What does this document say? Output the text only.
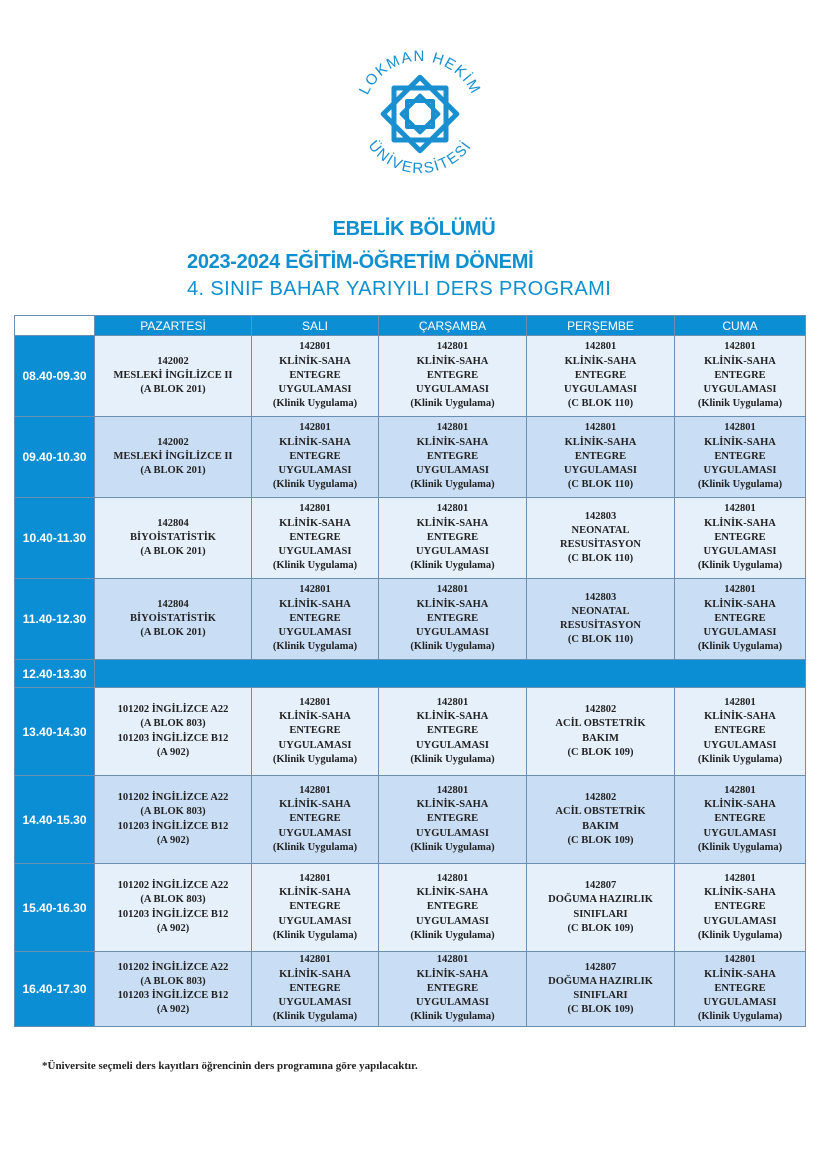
LOKMAN HEKİM
ÜNİVERSİTESİ
EBELİK BÖLÜMÜ
2023-2024 EĞİTİM-ÖĞRETİM DÖNEMİ
4. SINIF BAHAR YARIYILI DERS PROGRAMI
	PAZARTESİ	SALI	ÇARŞAMBA	PERŞEMBE	CUMA
08.40-09.30	142002
MESLEKİ İNGİLİZCE II
(A BLOK 201)	142801
KLİNİK-SAHA
ENTEGRE
UYGULAMASI
(Klinik Uygulama)	142801
KLİNİK-SAHA
ENTEGRE
UYGULAMASI
(Klinik Uygulama)	142801
KLİNİK-SAHA
ENTEGRE
UYGULAMASI
(C BLOK 110)	142801
KLİNİK-SAHA
ENTEGRE
UYGULAMASI
(Klinik Uygulama)

09.40-10.30	142002
MESLEKİ İNGİLİZCE II
(A BLOK 201)	142801
KLİNİK-SAHA
ENTEGRE
UYGULAMASI
(Klinik Uygulama)	142801
KLİNİK-SAHA
ENTEGRE
UYGULAMASI
(Klinik Uygulama)	142801
KLİNİK-SAHA
ENTEGRE
UYGULAMASI
(C BLOK 110)	142801
KLİNİK-SAHA
ENTEGRE
UYGULAMASI
(Klinik Uygulama)

10.40-11.30	142804
BİYOİSTATİSTİK
(A BLOK 201)	142801
KLİNİK-SAHA
ENTEGRE
UYGULAMASI
(Klinik Uygulama)	142801
KLİNİK-SAHA
ENTEGRE
UYGULAMASI
(Klinik Uygulama)	142803
NEONATAL
RESUSİTASYON
(C BLOK 110)	142801
KLİNİK-SAHA
ENTEGRE
UYGULAMASI
(Klinik Uygulama)

11.40-12.30	142804
BİYOİSTATİSTİK
(A BLOK 201)	142801
KLİNİK-SAHA
ENTEGRE
UYGULAMASI
(Klinik Uygulama)	142801
KLİNİK-SAHA
ENTEGRE
UYGULAMASI
(Klinik Uygulama)	142803
NEONATAL
RESUSİTASYON
(C BLOK 110)	142801
KLİNİK-SAHA
ENTEGRE
UYGULAMASI
(Klinik Uygulama)

12.40-13.30					
13.40-14.30	101202 İNGİLİZCE A22
(A BLOK 803)
101203 İNGİLİZCE B12
(A 902)	142801
KLİNİK-SAHA
ENTEGRE
UYGULAMASI
(Klinik Uygulama)	142801
KLİNİK-SAHA
ENTEGRE
UYGULAMASI
(Klinik Uygulama)	142802
ACİL OBSTETRİK
BAKIM
(C BLOK 109)	142801
KLİNİK-SAHA
ENTEGRE
UYGULAMASI
(Klinik Uygulama)

14.40-15.30	101202 İNGİLİZCE A22
(A BLOK 803)
101203 İNGİLİZCE B12
(A 902)	142801
KLİNİK-SAHA
ENTEGRE
UYGULAMASI
(Klinik Uygulama)	142801
KLİNİK-SAHA
ENTEGRE
UYGULAMASI
(Klinik Uygulama)	142802
ACİL OBSTETRİK
BAKIM
(C BLOK 109)	142801
KLİNİK-SAHA
ENTEGRE
UYGULAMASI
(Klinik Uygulama)

15.40-16.30	101202 İNGİLİZCE A22
(A BLOK 803)
101203 İNGİLİZCE B12
(A 902)	142801
KLİNİK-SAHA
ENTEGRE
UYGULAMASI
(Klinik Uygulama)	142801
KLİNİK-SAHA
ENTEGRE
UYGULAMASI
(Klinik Uygulama)	142807
DOĞUMA HAZIRLIK
SINIFLARI
(C BLOK 109)	142801
KLİNİK-SAHA
ENTEGRE
UYGULAMASI
(Klinik Uygulama)

16.40-17.30	101202 İNGİLİZCE A22
(A BLOK 803)
101203 İNGİLİZCE B12
(A 902)	142801
KLİNİK-SAHA
ENTEGRE
UYGULAMASI
(Klinik Uygulama)	142801
KLİNİK-SAHA
ENTEGRE
UYGULAMASI
(Klinik Uygulama)	142807
DOĞUMA HAZIRLIK
SINIFLARI
(C BLOK 109)	142801
KLİNİK-SAHA
ENTEGRE
UYGULAMASI
(Klinik Uygulama)
*Üniversite seçmeli ders kayıtları öğrencinin ders programına göre yapılacaktır.
